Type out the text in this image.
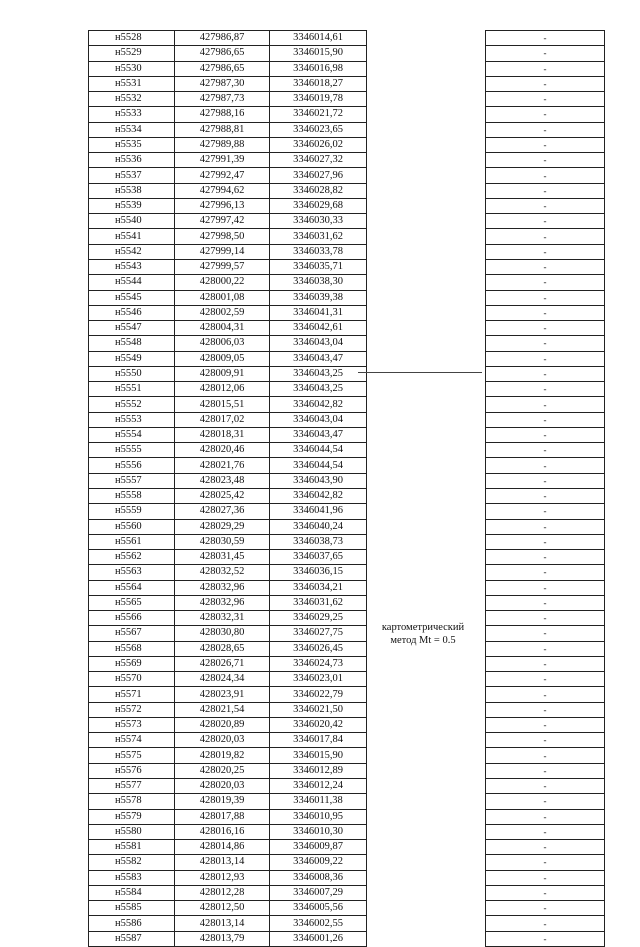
н5528	427986,87	3346014,61		-
н5529	427986,65	3346015,90		-
н5530	427986,65	3346016,98		-
н5531	427987,30	3346018,27		-
н5532	427987,73	3346019,78		-
н5533	427988,16	3346021,72		-
н5534	427988,81	3346023,65		-
н5535	427989,88	3346026,02		-
н5536	427991,39	3346027,32		-
н5537	427992,47	3346027,96		-
н5538	427994,62	3346028,82		-
н5539	427996,13	3346029,68		-
н5540	427997,42	3346030,33		-
н5541	427998,50	3346031,62		-
н5542	427999,14	3346033,78		-
н5543	427999,57	3346035,71		-
н5544	428000,22	3346038,30		-
н5545	428001,08	3346039,38		-
н5546	428002,59	3346041,31		-
н5547	428004,31	3346042,61		-
н5548	428006,03	3346043,04		-
н5549	428009,05	3346043,47		-
н5550	428009,91	3346043,25		-
н5551	428012,06	3346043,25		-
н5552	428015,51	3346042,82		-
н5553	428017,02	3346043,04		-
н5554	428018,31	3346043,47		-
н5555	428020,46	3346044,54		-
н5556	428021,76	3346044,54		-
н5557	428023,48	3346043,90		-
н5558	428025,42	3346042,82		-
н5559	428027,36	3346041,96		-
н5560	428029,29	3346040,24		-
н5561	428030,59	3346038,73		-
н5562	428031,45	3346037,65		-
н5563	428032,52	3346036,15		-
н5564	428032,96	3346034,21		-
н5565	428032,96	3346031,62		-
н5566	428032,31	3346029,25		-
н5567	428030,80	3346027,75		-
н5568	428028,65	3346026,45		-
н5569	428026,71	3346024,73		-
н5570	428024,34	3346023,01		-
н5571	428023,91	3346022,79		-
н5572	428021,54	3346021,50		-
н5573	428020,89	3346020,42		-
н5574	428020,03	3346017,84		-
н5575	428019,82	3346015,90		-
н5576	428020,25	3346012,89		-
н5577	428020,03	3346012,24		-
н5578	428019,39	3346011,38		-
н5579	428017,88	3346010,95		-
н5580	428016,16	3346010,30		-
н5581	428014,86	3346009,87		-
н5582	428013,14	3346009,22		-
н5583	428012,93	3346008,36		-
н5584	428012,28	3346007,29		-
н5585	428012,50	3346005,56		-
н5586	428013,14	3346002,55		-
н5587	428013,79	3346001,26		-
картометрический
метод Mt = 0.5
